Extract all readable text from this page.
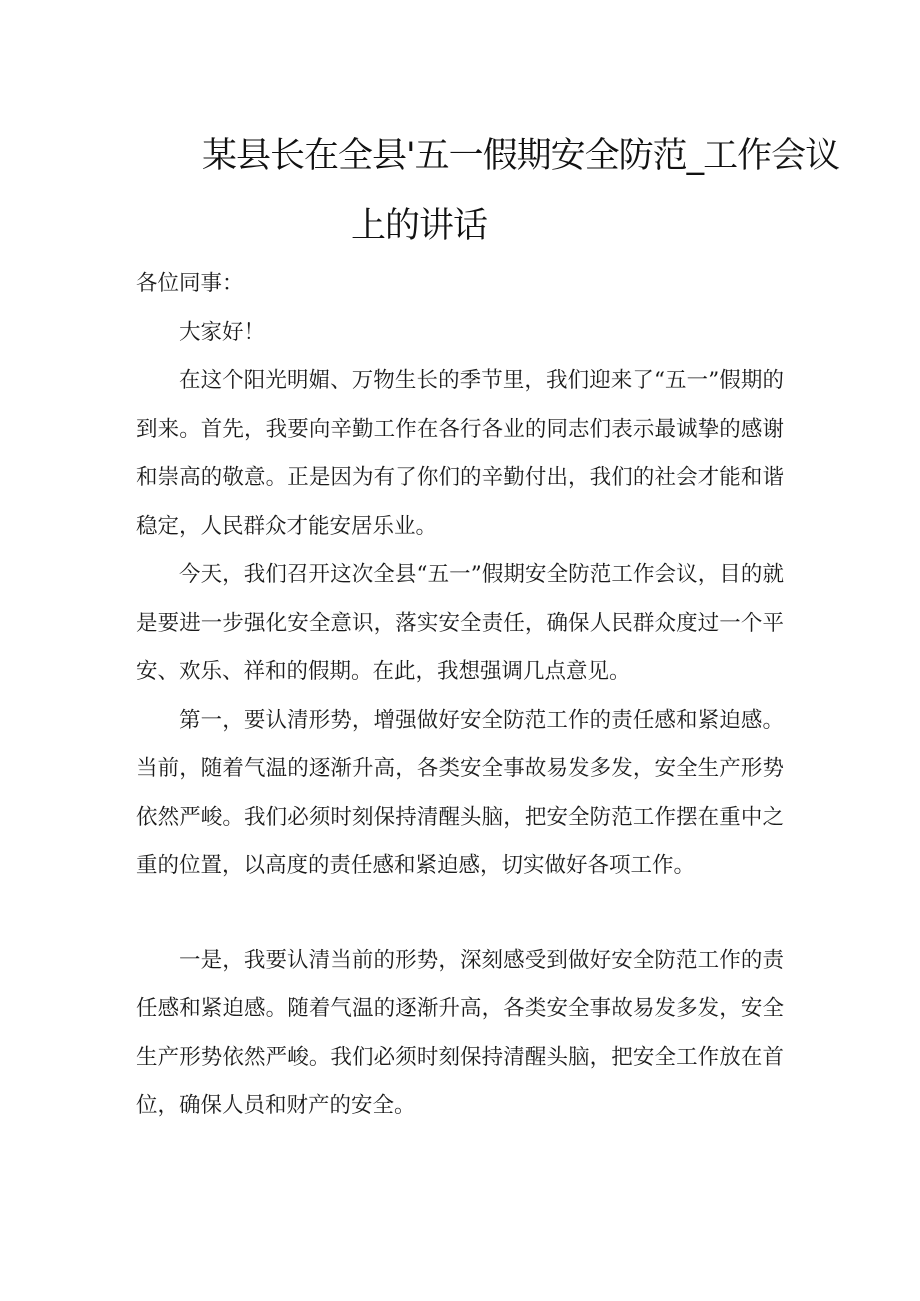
某县长在全县'五一假期安全防范_工作会议
上的讲话

各位同事：

大家好！

在这个阳光明媚、万物生长的季节里，我们迎来了“五一”假期的到来。首先，我要向辛勤工作在各行各业的同志们表示最诚挚的感谢和崇高的敬意。正是因为有了你们的辛勤付出，我们的社会才能和谐稳定，人民群众才能安居乐业。

今天，我们召开这次全县“五一”假期安全防范工作会议，目的就是要进一步强化安全意识，落实安全责任，确保人民群众度过一个平安、欢乐、祥和的假期。在此，我想强调几点意见。

第一，要认清形势，增强做好安全防范工作的责任感和紧迫感。当前，随着气温的逐渐升高，各类安全事故易发多发，安全生产形势依然严峻。我们必须时刻保持清醒头脑，把安全防范工作摆在重中之重的位置，以高度的责任感和紧迫感，切实做好各项工作。

一是，我要认清当前的形势，深刻感受到做好安全防范工作的责任感和紧迫感。随着气温的逐渐升高，各类安全事故易发多发，安全生产形势依然严峻。我们必须时刻保持清醒头脑，把安全工作放在首位，确保人员和财产的安全。
